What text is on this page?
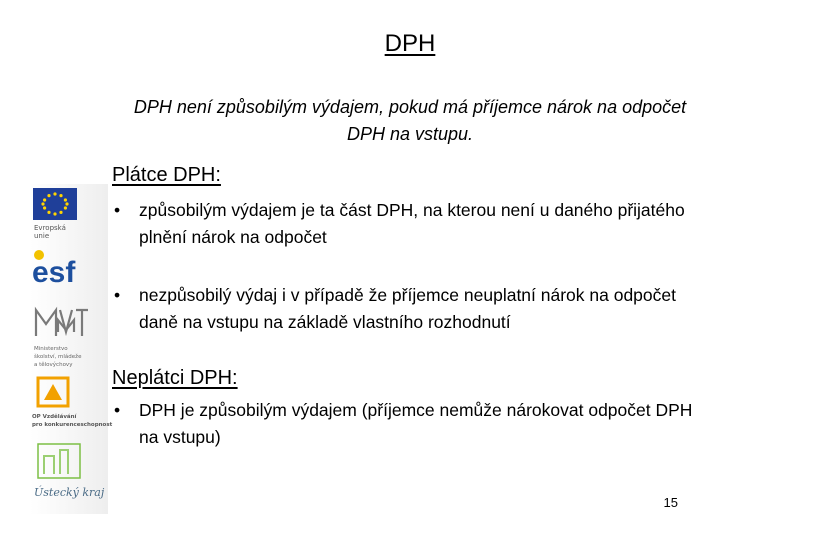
DPH
DPH není způsobilým výdajem, pokud má příjemce nárok na odpočet DPH na vstupu.
Plátce DPH:
• způsobilým výdajem je ta část DPH, na kterou není u daného přijatého plnění nárok na odpočet
• nezpůsobilý výdaj i v případě že příjemce neuplatní nárok na odpočet daně na vstupu na základě vlastního rozhodnutí
Neplátci DPH:
• DPH je způsobilým výdajem (příjemce nemůže nárokovat odpočet DPH na vstupu)
15
Evropská
unie
esf
Ministerstvo
školství, mládeže
a tělovýchovy
OP Vzdělávání
pro konkurenceschopnost
Ústecký kraj
